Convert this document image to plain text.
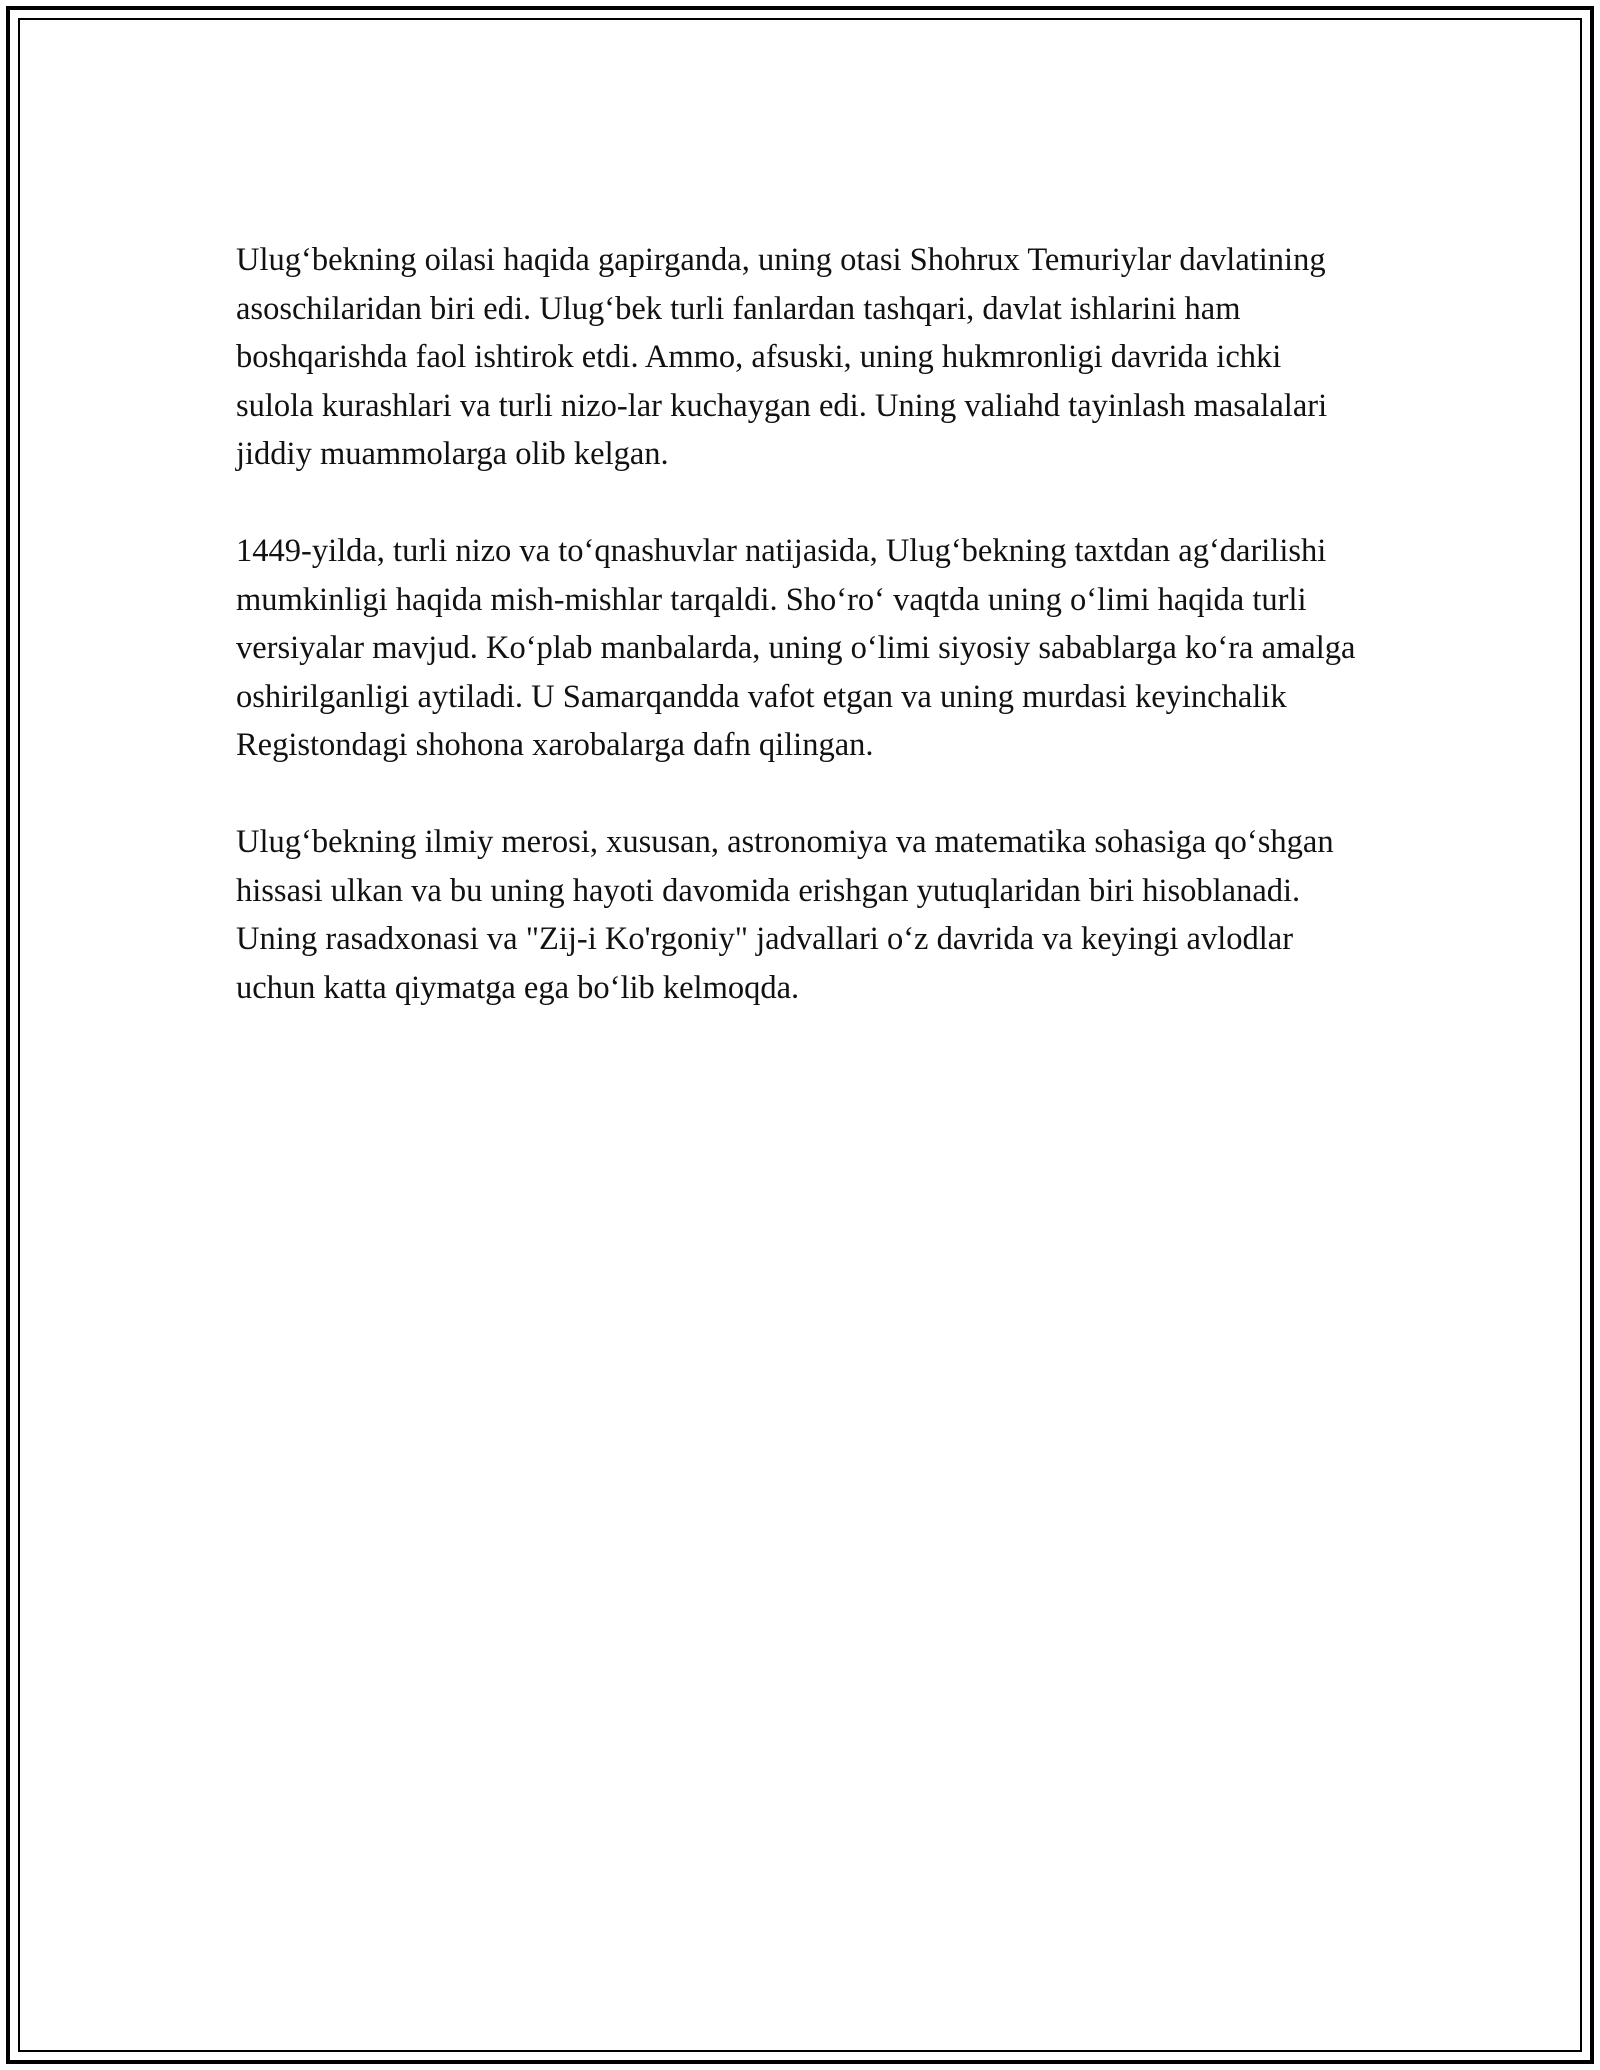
Ulug‘bekning oilasi haqida gapirganda, uning otasi Shohrux Temuriylar davlatining asoschilaridan biri edi. Ulug‘bek turli fanlardan tashqari, davlat ishlarini ham boshqarishda faol ishtirok etdi. Ammo, afsuski, uning hukmronligi davrida ichki sulola kurashlari va turli nizo-lar kuchaygan edi. Uning valiahd tayinlash masalalari jiddiy muammolarga olib kelgan.

1449-yilda, turli nizo va to‘qnashuvlar natijasida, Ulug‘bekning taxtdan ag‘darilishi mumkinligi haqida mish-mishlar tarqaldi. Sho‘ro‘ vaqtda uning o‘limi haqida turli versiyalar mavjud. Ko‘plab manbalarda, uning o‘limi siyosiy sabablarga ko‘ra amalga oshirilganligi aytiladi. U Samarqandda vafot etgan va uning murdasi keyinchalik Registondagi shohona xarobalarga dafn qilingan.

Ulug‘bekning ilmiy merosi, xususan, astronomiya va matematika sohasiga qo‘shgan hissasi ulkan va bu uning hayoti davomida erishgan yutuqlaridan biri hisoblanadi. Uning rasadxonasi va "Zij-i Ko'rgoniy" jadvallari o‘z davrida va keyingi avlodlar uchun katta qiymatga ega bo‘lib kelmoqda.
